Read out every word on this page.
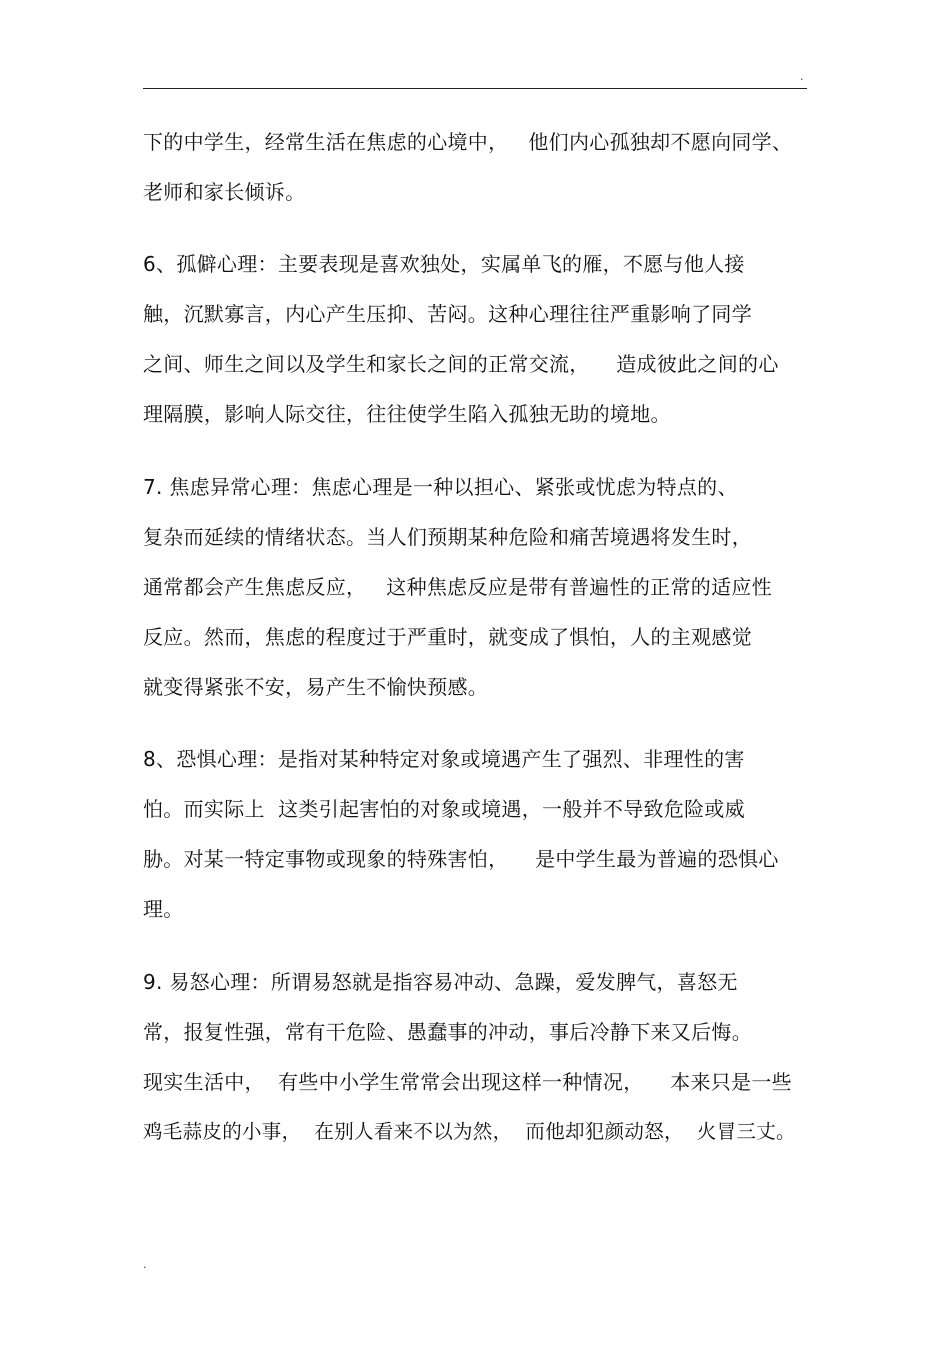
.
下的中学生，经常生活在焦虑的心境中，   他们内心孤独却不愿向同学、
老师和家长倾诉。
6、孤僻心理：主要表现是喜欢独处，实属单飞的雁，不愿与他人接
触，沉默寡言，内心产生压抑、苦闷。这种心理往往严重影响了同学
之间、师生之间以及学生和家长之间的正常交流，    造成彼此之间的心
理隔膜，影响人际交往，往往使学生陷入孤独无助的境地。
7. 焦虑异常心理：焦虑心理是一种以担心、紧张或忧虑为特点的、
复杂而延续的情绪状态。当人们预期某种危险和痛苦境遇将发生时，
通常都会产生焦虑反应，   这种焦虑反应是带有普遍性的正常的适应性
反应。然而，焦虑的程度过于严重时，就变成了惧怕，人的主观感觉
就变得紧张不安，易产生不愉快预感。
8、恐惧心理：是指对某种特定对象或境遇产生了强烈、非理性的害
怕。而实际上  这类引起害怕的对象或境遇，一般并不导致危险或威
胁。对某一特定事物或现象的特殊害怕，    是中学生最为普遍的恐惧心
理。
9. 易怒心理：所谓易怒就是指容易冲动、急躁，爱发脾气，喜怒无
常，报复性强，常有干危险、愚蠢事的冲动，事后冷静下来又后悔。
现实生活中，  有些中小学生常常会出现这样一种情况，    本来只是一些
鸡毛蒜皮的小事，  在别人看来不以为然，  而他却犯颜动怒，  火冒三丈。
.
